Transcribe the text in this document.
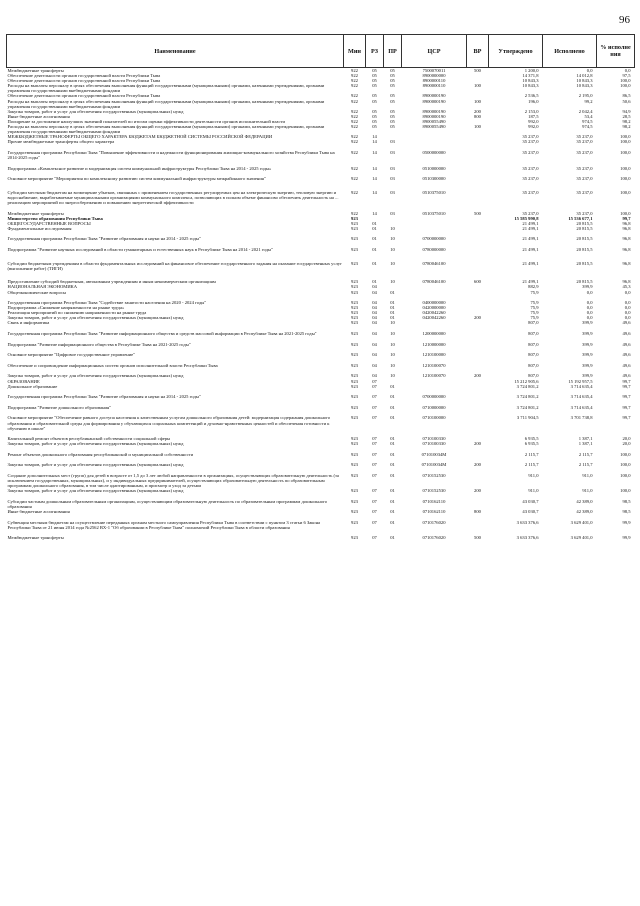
96
Наименование	Мин	РЗ	ПР	ЦСР	ВР	Утверждено	Исполнено	% исполне ния
Межбюджетные трансферты	922	05	05	7500070011	500	1 200,0	0,0	0,0
Обеспечение деятельности органов государственной власти Республики Тыва	922	05	05	8900000000		14 371,8	14 012,8	97,5
Обеспечение деятельности органов государственной власти Республики Тыва	922	05	05	8900000110		10 843,3	10 843,3	100,0
Расходы на выплаты персоналу в целях обеспечения выполнения функций государственными (муниципальными) органами, казенными учреждениями, органами управления государственными внебюджетными фондами	922	05	05	8900000110	100	10 843,3	10 843,3	100,0
Обеспечение деятельности органов государственной власти Республики Тыва	922	05	05	8900000190		2 536,5	2 195,0	86,5
Расходы на выплаты персоналу в целях обеспечения выполнения функций государственными (муниципальными) органами, казенными учреждениями, органами управления государственными внебюджетными фондами	922	05	05	8900000190	100	196,0	99,2	50,6
Закупка товаров, работ и услуг для обеспечения государственных (муниципальных) нужд	922	05	05	8900000190	200	2 153,0	2 042,4	94,9
Иные бюджетные ассигнования	922	05	05	8900000190	800	187,5	53,4	28,5
Поощрение за достижение наилучших значений показателей по итогам оценки эффективности деятельности органов исполнительной власти	922	05	05	8900055490		992,0	974,5	98,2
Расходы на выплаты персоналу в целях обеспечения выполнения функций государственными (муниципальными) органами, казенными учреждениями, органами управления государственными внебюджетными фондами	922	05	05	8900055490	100	992,0	974,5	98,2
МЕЖБЮДЖЕТНЫЕ ТРАНСФЕРТЫ ОБЩЕГО ХАРАКТЕРА БЮДЖЕТАМ БЮДЖЕТНОЙ СИСТЕМЫ РОССИЙСКОЙ ФЕДЕРАЦИИ	922	14				35 237,0	35 237,0	100,0
Прочие межбюджетные трансферты общего характера	922	14	03			35 237,0	35 237,0	100,0
Государственная программа Республики Тыва "Повышение эффективности и надежности функционирования жилищно-коммунального хозяйства Республики Тыва на 2014-2025 годы"	922	14	03	0500000000		35 237,0	35 237,0	100,0
Подпрограмма «Комплексное развитие и модернизация систем коммунальной инфраструктуры Республики Тыва на 2014 - 2025 годы»	922	14	03	0510000000		35 237,0	35 237,0	100,0
Основное мероприятие "Мероприятия по комплексному развитию систем коммунальной инфраструктуры межрайонного значения"	922	14	03	0510300000		35 237,0	35 237,0	100,0
Субсидии местным бюджетам на возмещение убытков, связанных с применением государственных регулируемых цен на электрическую энергию, тепловую энергию и водоснабжение, вырабатываемые муниципальными организациями коммунального комплекса, позволяющих в полном объеме финансово обеспечить деятельность на ... реализацию мероприятий по энергосбережению и повышению энергетической эффективности	922	14	03	0510375010		35 237,0	35 237,0	100,0
Межбюджетные трансферты	922	14	03	0510375010	500	35 237,0	35 237,0	100,0
Министерство образования Республики Тыва	923					15 585 990,8	15 536 677,1	99,7
ОБЩЕГОСУДАРСТВЕННЫЕ ВОПРОСЫ	923	01				21 499,1	20 815,5	96,8
Фундаментальные исследования	923	01	10			21 499,1	20 815,5	96,8
Государственная программа Республики Тыва "Развитие образования и науки на 2014 - 2025 годы"	923	01	10	0700000000		21 499,1	20 815,5	96,8
Подпрограмма "Развитие научных исследований в области гуманитарных и естественных наук в Республике Тыва на 2014 - 2021 годы"	923	01	10	0780000000		21 499,1	20 815,5	96,8
Субсидии бюджетным учреждениям в области фундаментальных исследований на финансовое обеспечение государственного задания на оказание государственных услуг (выполнение работ) (ТИГИ)	923	01	10	0780046100		21 499,1	20 815,5	96,8
Предоставление субсидий бюджетным, автономным учреждениям и иным некоммерческим организациям	923	01	10	0780046100	600	21 499,1	20 815,5	96,8
НАЦИОНАЛЬНАЯ ЭКОНОМИКА	923	04				882,9	399,9	45,3
Общеэкономические вопросы	923	04	01			75,9	0,0	0,0
Государственная программа Республики Тыва "Содействие занятости населения на 2020 - 2024 годы"	923	04	01	0400000000		75,9	0,0	0,0
Подпрограмма «Снижение напряженности на рынке труда»	923	04	01	0420000000		75,9	0,0	0,0
Реализация мероприятий по снижению напряженности на рынке труда	923	04	01	0420042260		75,9	0,0	0,0
Закупка товаров, работ и услуг для обеспечения государственных (муниципальных) нужд	923	04	01	0420042260	200	75,9	0,0	0,0
Связь и информатика	923	04	10			807,0	399,9	49,6
Государственная программа Республики Тыва "Развитие информационного общества и средств массовой информации в Республике Тыва на 2021-2025 годы"	923	04	10	1200000000		807,0	399,9	49,6
Подпрограмма "Развитие информационного общества в Республике Тыва на 2021-2025 годы"	923	04	10	1210000000		807,0	399,9	49,6
Основное мероприятие "Цифровое государственное управление"	923	04	10	1210100000		807,0	399,9	49,6
Обеспечение и сопровождение информационных систем органов исполнительной власти Республики Тыва	923	04	10	1210100070		807,0	399,9	49,6
Закупка товаров, работ и услуг для обеспечения государственных (муниципальных) нужд	923	04	10	1210100070	200	807,0	399,9	49,6
ОБРАЗОВАНИЕ	923	07				15 212 905,6	15 192 957,5	99,7
Дошкольное образование	923	07	01			3 724 801,2	3 714 635,4	99,7
Государственная программа Республики Тыва "Развитие образования и науки на 2014 - 2025 годы"	923	07	01	0700000000		3 724 801,2	3 714 635,4	99,7
Подпрограмма "Развитие дошкольного образования"	923	07	01	0710000000		3 724 801,2	3 714 635,4	99,7
Основное мероприятие "Обеспечение равного доступа населения к качественным услугам дошкольного образования детей: модернизация содержания дошкольного образования и образовательной среды для формирования у обучающихся социальных компетенций и духовно-нравственных ценностей и обеспечения готовности к обучению в школе"	923	07	01	0710100000		3 711 904,5	3 701 738,8	99,7
Капитальный ремонт объектов республиканской собственности социальной сферы	923	07	01	0710100330		6 935,5	1 387,1	20,0
Закупка товаров, работ и услуг для обеспечения государственных (муниципальных) нужд	923	07	01	0710100330	200	6 935,5	1 387,1	20,0
Ремонт объектов дошкольного образования республиканской и муниципальной собственности	923	07	01	071010034М		2 115,7	2 115,7	100,0
Закупка товаров, работ и услуг для обеспечения государственных (муниципальных) нужд	923	07	01	071010034М	200	2 115,7	2 115,7	100,0
Создание дополнительных мест (групп) для детей в возрасте от 1,5 до 3 лет любой направленности в организациях, осуществляющих образовательную деятельность (за исключением государственных, муниципальных), и у индивидуальных предпринимателей, осуществляющих образовательную деятельность по образовательным программам дошкольного образования, в том числе адаптированным, и присмотр и уход за детьми	923	07	01	0710152530		911,0	911,0	100,0
Закупка товаров, работ и услуг для обеспечения государственных (муниципальных) нужд	923	07	01	0710152530	200	911,0	911,0	100,0
Субсидии частным дошкольным образовательным организациям, осуществляющим образовательную деятельность по образовательным программам дошкольного образования	923	07	01	0710162110		43 030,7	42 389,0	98,5
Иные бюджетные ассигнования	923	07	01	0710162110	800	43 030,7	42 389,0	98,5
Субвенция местным бюджетам на осуществление переданных органам местного самоуправления Республики Тыва в соответствии с пунктом 3 статьи 6 Закона Республики Тыва от 21 июня 2014 года №2562 ВХ-1 "Об образовании в Республике Тыва" полномочий Республики Тыва в области образования	923	07	01	0710176020		3 633 376,6	3 629 401,0	99,9
Межбюджетные трансферты	923	07	01	0710176020	500	3 633 376,6	3 629 401,0	99,9
